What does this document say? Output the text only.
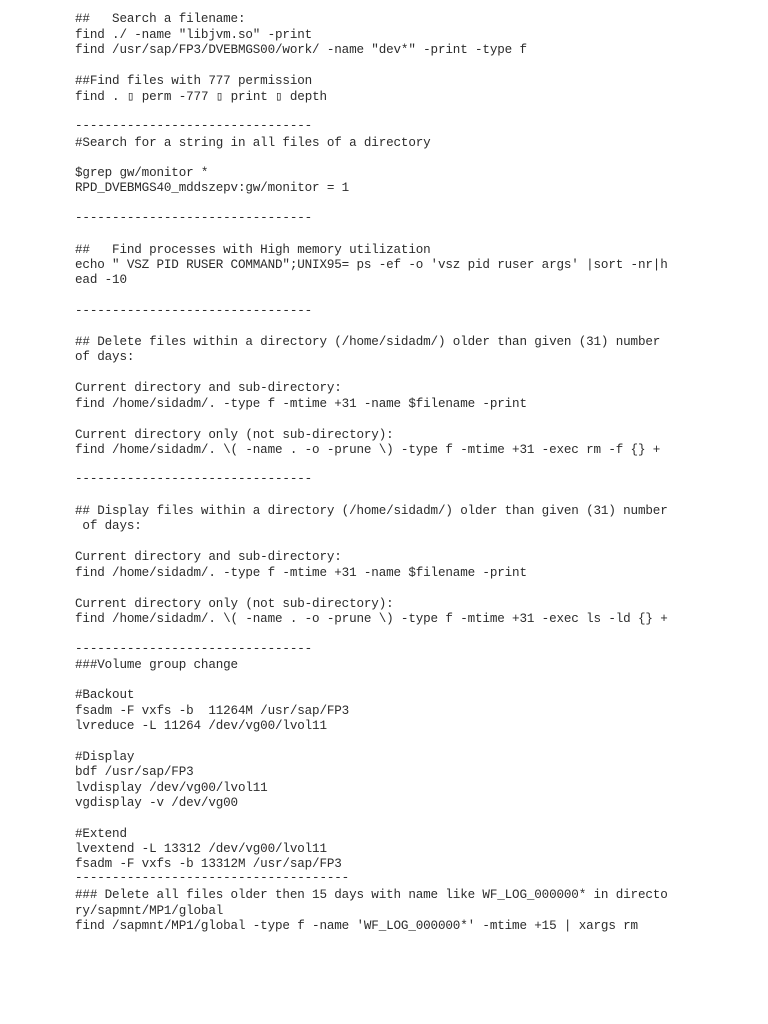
##   Search a filename:
find ./ -name "libjvm.so" -print
find /usr/sap/FP3/DVEBMGS00/work/ -name "dev*" -print -type f
##Find files with 777 permission
find . ▯ perm -777 ▯ print ▯ depth
--------------------------------
#Search for a string in all files of a directory
$grep gw/monitor *
RPD_DVEBMGS40_mddszepv:gw/monitor = 1
--------------------------------
##   Find processes with High memory utilization
echo " VSZ PID RUSER COMMAND";UNIX95= ps -ef -o 'vsz pid ruser args' |sort -nr|h
ead -10
--------------------------------
## Delete files within a directory (/home/sidadm/) older than given (31) number
of days:
Current directory and sub-directory:
find /home/sidadm/. -type f -mtime +31 -name $filename -print
Current directory only (not sub-directory):
find /home/sidadm/. \( -name . -o -prune \) -type f -mtime +31 -exec rm -f {} +
--------------------------------
## Display files within a directory (/home/sidadm/) older than given (31) number
of days:
Current directory and sub-directory:
find /home/sidadm/. -type f -mtime +31 -name $filename -print
Current directory only (not sub-directory):
find /home/sidadm/. \( -name . -o -prune \) -type f -mtime +31 -exec ls -ld {} +
--------------------------------
###Volume group change
#Backout
fsadm -F vxfs -b  11264M /usr/sap/FP3
lvreduce -L 11264 /dev/vg00/lvol11
#Display
bdf /usr/sap/FP3
lvdisplay /dev/vg00/lvol11
vgdisplay -v /dev/vg00
#Extend
lvextend -L 13312 /dev/vg00/lvol11
fsadm -F vxfs -b 13312M /usr/sap/FP3
-------------------------------------
### Delete all files older then 15 days with name like WF_LOG_000000* in directo
ry/sapmnt/MP1/global
find /sapmnt/MP1/global -type f -name 'WF_LOG_000000*' -mtime +15 | xargs rm
